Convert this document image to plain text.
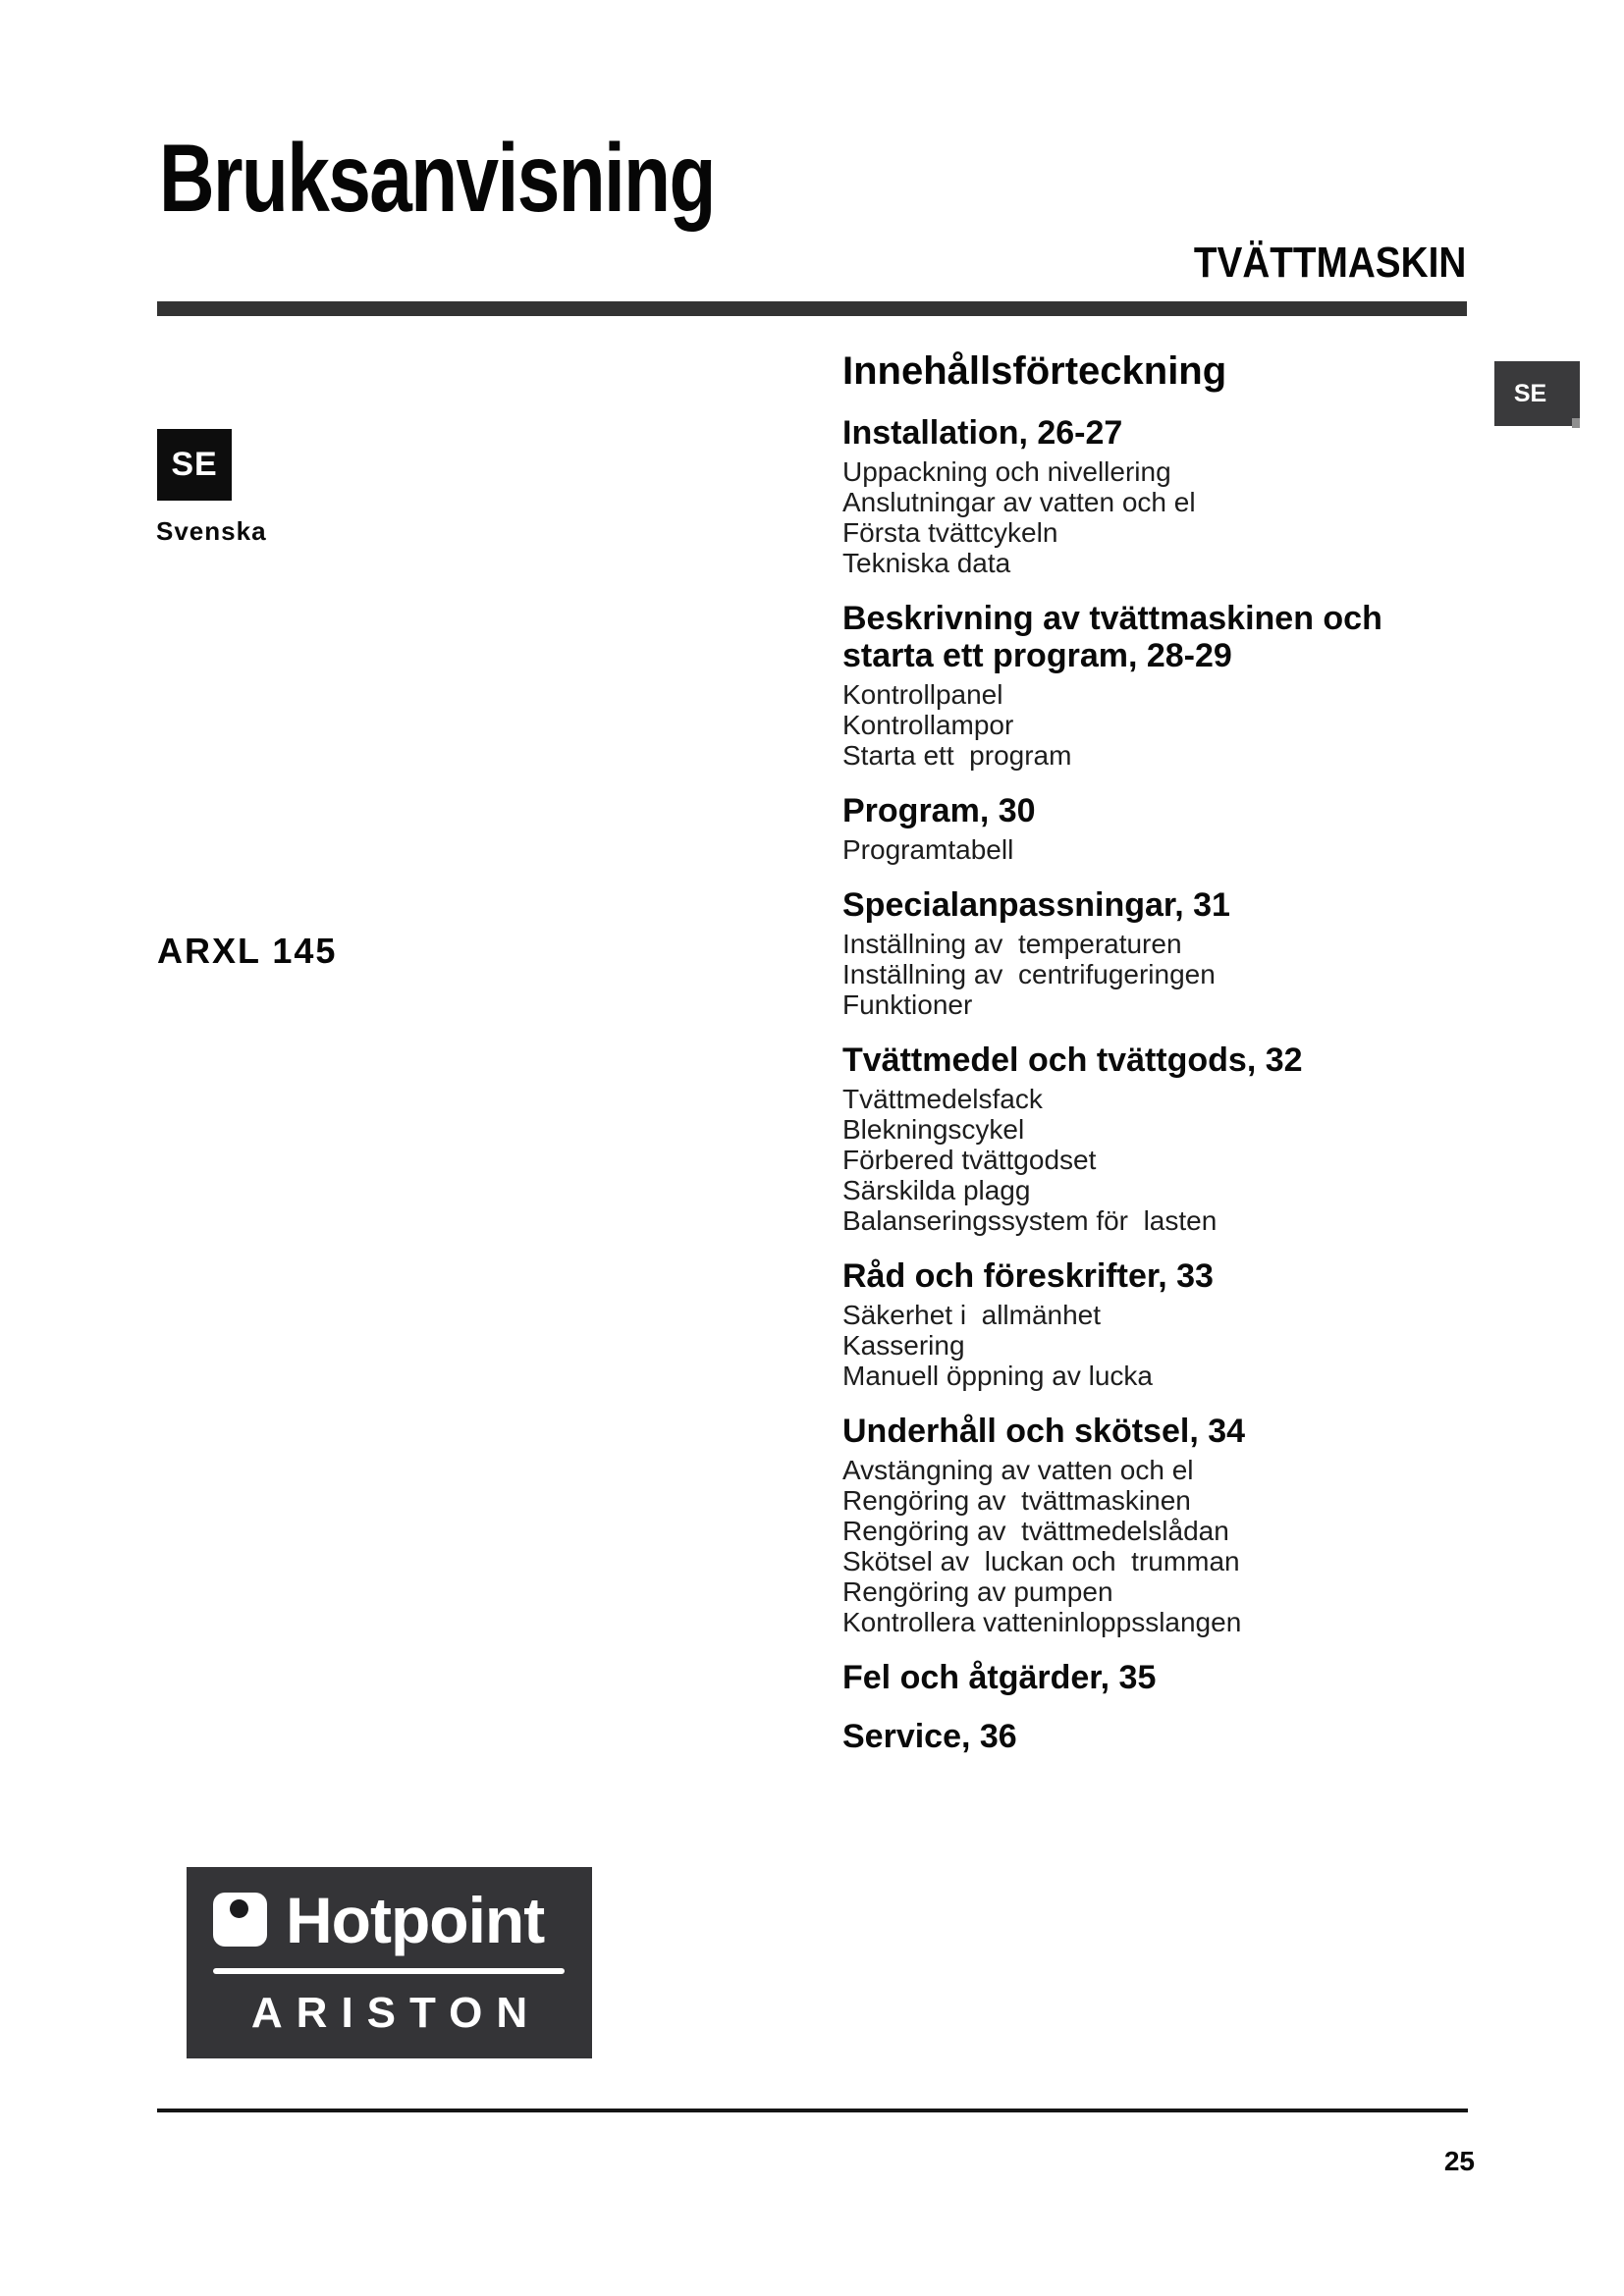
Bruksanvisning
TVÄTTMASKIN
SE
Svenska
ARXL 145
SE
Innehållsförteckning
Installation, 26-27

Uppackning och nivellering

Anslutningar av vatten och el

Första tvättcykeln

Tekniska data

Beskrivning av tvättmaskinen och starta ett program, 28-29

Kontrollpanel

Kontrollampor

Starta ett  program

Program, 30

Programtabell

Specialanpassningar, 31

Inställning av  temperaturen

Inställning av  centrifugeringen

Funktioner

Tvättmedel och tvättgods, 32

Tvättmedelsfack

Blekningscykel

Förbered tvättgodset

Särskilda plagg

Balanseringssystem för  lasten

Råd och föreskrifter, 33

Säkerhet i  allmänhet

Kassering

Manuell öppning av lucka

Underhåll och skötsel, 34

Avstängning av vatten och el

Rengöring av  tvättmaskinen

Rengöring av  tvättmedelslådan

Skötsel av  luckan och  trumman

Rengöring av pumpen

Kontrollera vatteninloppsslangen

Fel och åtgärder, 35
Service, 36
Hotpoint
ARISTON
25
